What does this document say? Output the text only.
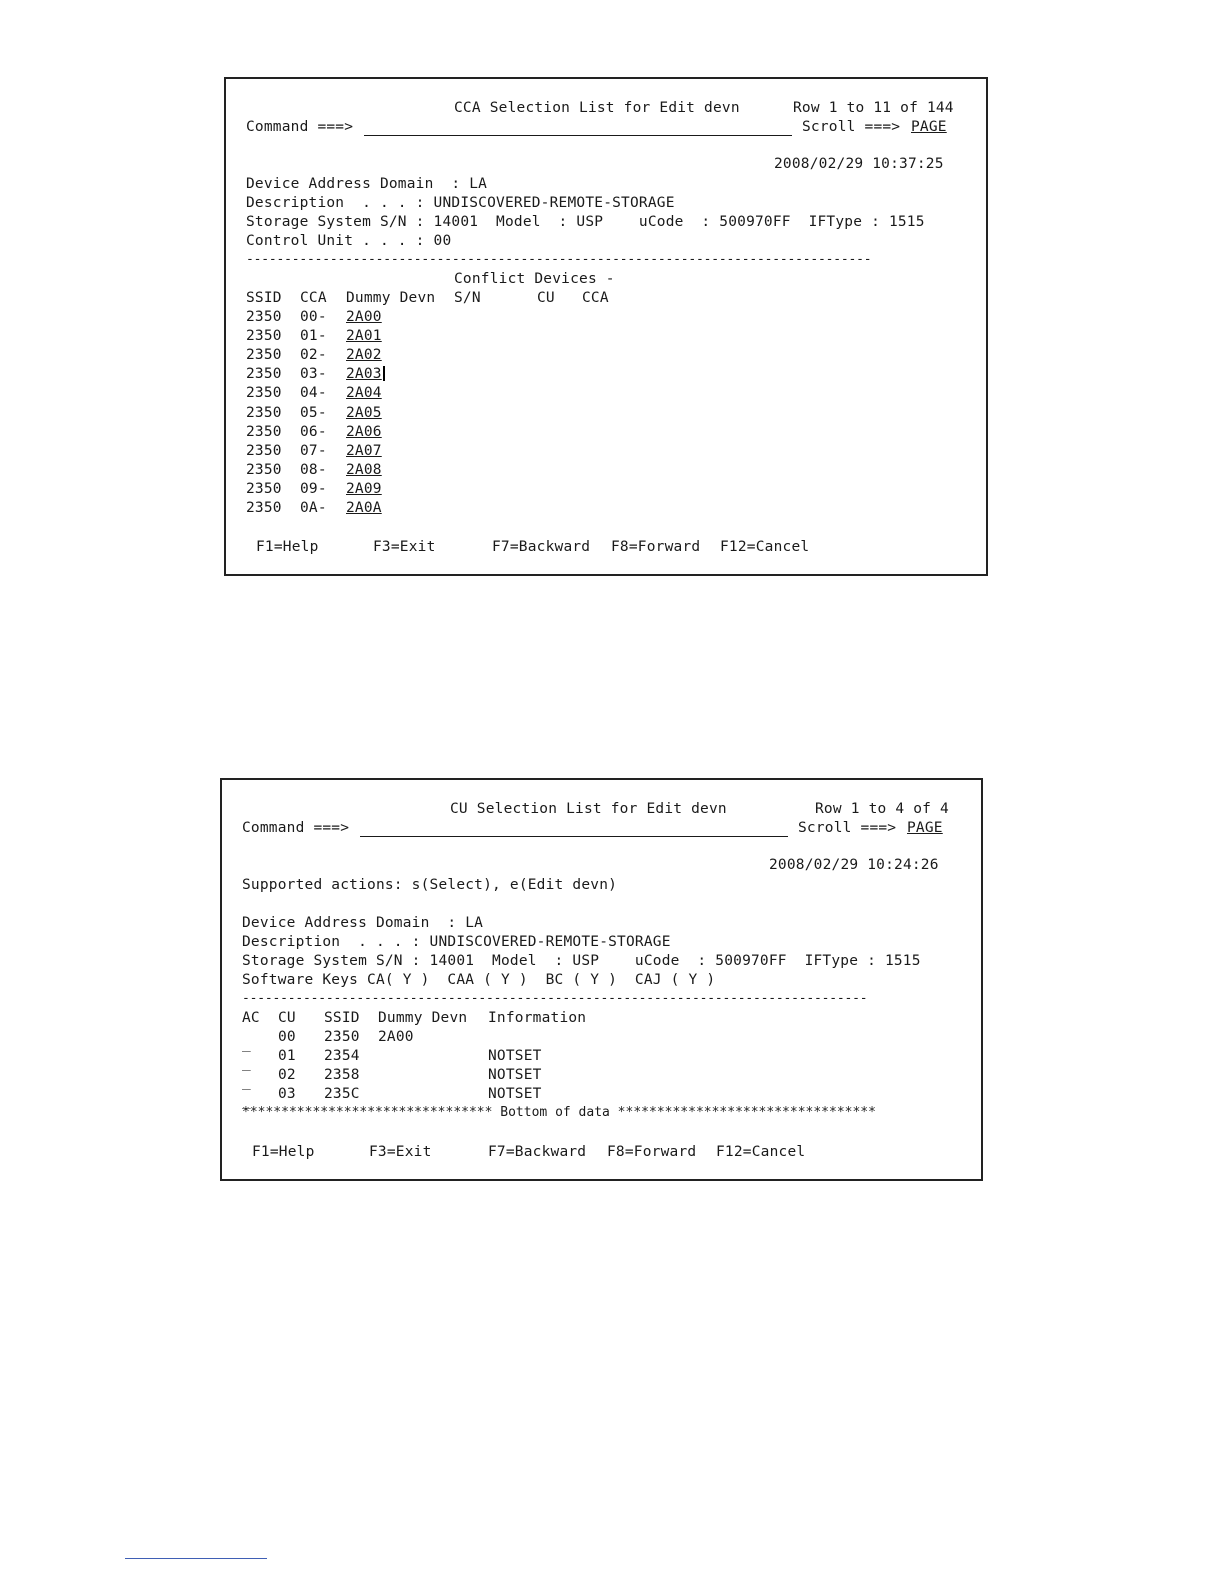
CCA Selection List for Edit devn	Row 1 to 11 of 144
Command ===>	Scroll ===> PAGE
2008/02/29 10:37:25
Device Address Domain  : LA
Description  . . . : UNDISCOVERED-REMOTE-STORAGE
Storage System S/N : 14001  Model  : USP    uCode  : 500970FF  IFType : 1515
Control Unit . . . : 00
----------------------------------------------------------------------------------
Conflict Devices -
SSID CCA Dummy Devn S/N	CU CCA
2350 00- 2A00
2350 01- 2A01
2350 02- 2A02
2350 03- 2A03
2350 04- 2A04
2350 05- 2A05
2350 06- 2A06
2350 07- 2A07
2350 08- 2A08
2350 09- 2A09
2350 0A- 2A0A
F1=Help	F3=Exit	F7=Backward F8=Forward F12=Cancel
CU Selection List for Edit devn	Row 1 to 4 of 4
Command ===>	Scroll ===> PAGE
2008/02/29 10:24:26
Supported actions: s(Select), e(Edit devn)
Device Address Domain  : LA
Description  . . . : UNDISCOVERED-REMOTE-STORAGE
Storage System S/N : 14001  Model  : USP    uCode  : 500970FF  IFType : 1515
Software Keys CA( Y )  CAA ( Y )  BC ( Y )  CAJ ( Y )
----------------------------------------------------------------------------------
AC CU SSID Dummy Devn Information
_ 00 2350 2A00
_ 01 2354	NOTSET
_ 02 2358	NOTSET
_ 03 235C	NOTSET
******************************** Bottom of data *********************************
F1=Help	F3=Exit	F7=Backward F8=Forward F12=Cancel
